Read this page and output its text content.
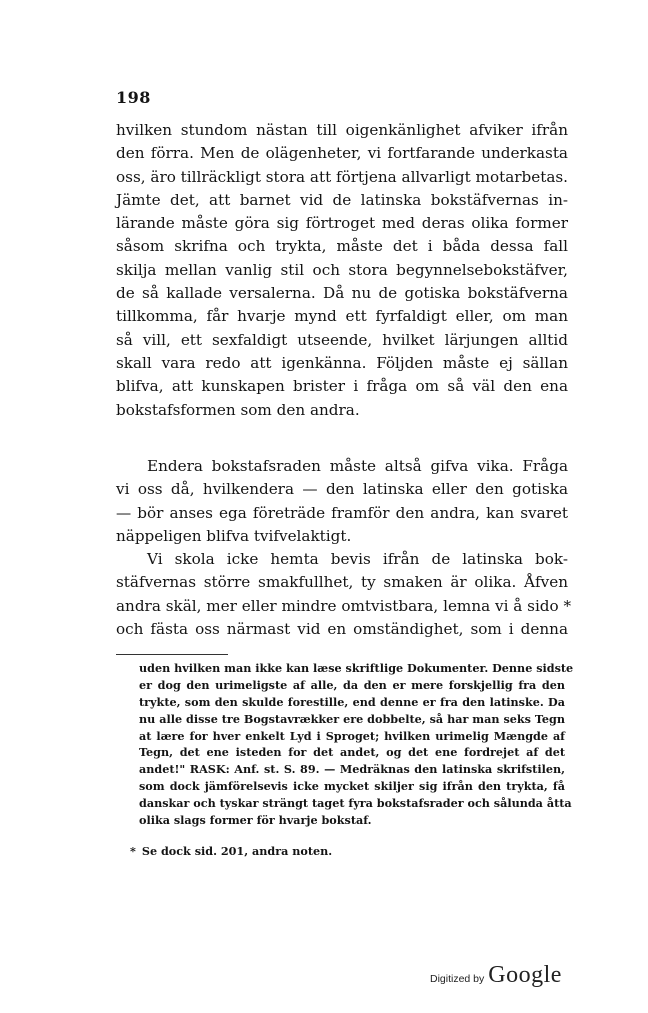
198
hvilken stundom nästan till oigenkänlighet afviker ifrån
den förra. Men de olägenheter, vi fortfarande underkasta
oss, äro tillräckligt stora att förtjena allvarligt motarbetas.
Jämte det, att barnet vid de latinska bokstäfvernas in-
lärande måste göra sig förtroget med deras olika former
såsom skrifna och trykta, måste det i båda dessa fall
skilja mellan vanlig stil och stora begynnelsebokstäfver,
de så kallade versalerna. Då nu de gotiska bokstäfverna
tillkomma, får hvarje mynd ett fyrfaldigt eller, om man
så vill, ett sexfaldigt utseende, hvilket lärjungen alltid
skall vara redo att igenkänna. Följden måste ej sällan
blifva, att kunskapen brister i fråga om så väl den ena
bokstafsformen som den andra.
Endera bokstafsraden måste altså gifva vika. Fråga
vi oss då, hvilkendera — den latinska eller den gotiska
— bör anses ega företräde framför den andra, kan svaret
näppeligen blifva tvifvelaktigt.
Vi skola icke hemta bevis ifrån de latinska bok-
stäfvernas större smakfullhet, ty smaken är olika. Åfven
andra skäl, mer eller mindre omtvistbara, lemna vi å sido *
och fästa oss närmast vid en omständighet, som i denna
uden hvilken man ikke kan læse skriftlige Dokumenter. Denne sidste
er dog den urimeligste af alle, da den er mere forskjellig fra den
trykte, som den skulde forestille, end denne er fra den latinske. Da
nu alle disse tre Bogstavrækker ere dobbelte, så har man seks Tegn
at lære for hver enkelt Lyd i Sproget; hvilken urimelig Mængde af
Tegn, det ene isteden for det andet, og det ene fordrejet af det
andet!" RASK: Anf. st. S. 89. — Medräknas den latinska skrifstilen,
som dock jämförelsevis icke mycket skiljer sig ifrån den trykta, få
danskar och tyskar strängt taget fyra bokstafsrader och sålunda åtta
olika slags former för hvarje bokstaf.
* Se dock sid. 201, andra noten.
Digitized by Google
